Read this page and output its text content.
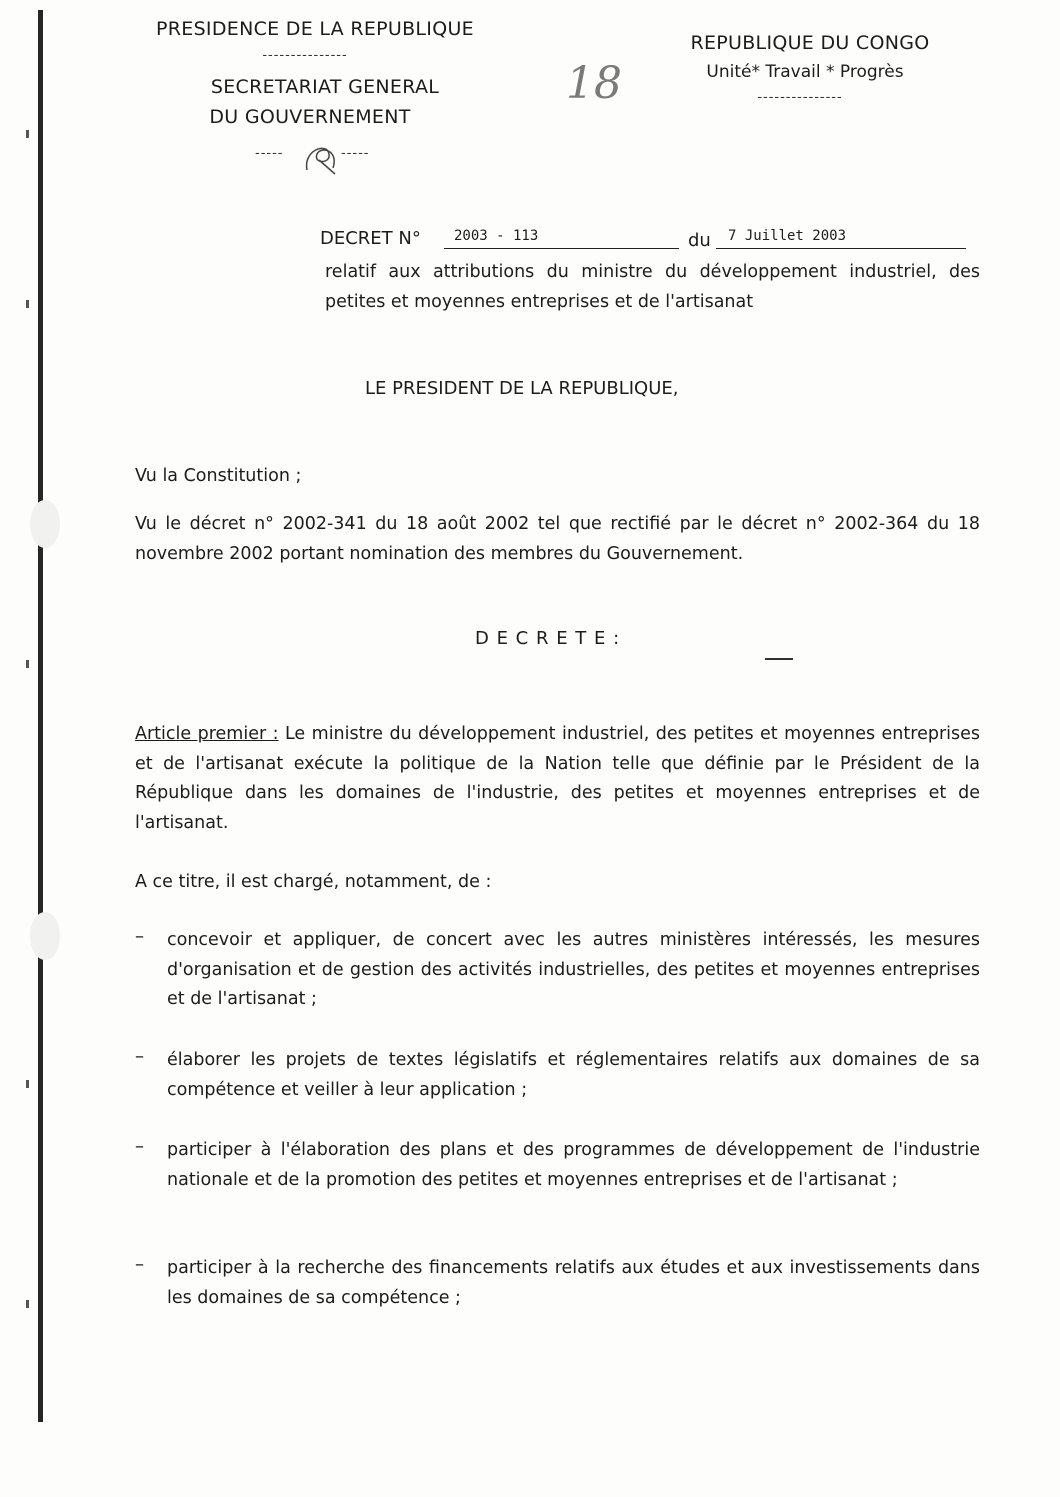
PRESIDENCE DE LA REPUBLIQUE
---------------
SECRETARIAT GENERAL
DU GOUVERNEMENT
-----	-----
REPUBLIQUE DU CONGO
Unité* Travail * Progrès
---------------
18
DECRET N° 2003 - 113	du 7 Juillet 2003
relatif aux attributions du ministre du développement industriel, des petites et moyennes entreprises et de l'artisanat
LE PRESIDENT DE LA REPUBLIQUE,
Vu la Constitution ;
Vu le décret n° 2002-341 du 18 août 2002 tel que rectifié par le décret n° 2002-364 du 18 novembre 2002 portant nomination des membres du Gouvernement.
D E C R E T E :
Article premier : Le ministre du développement industriel, des petites et moyennes entreprises et de l'artisanat exécute la politique de la Nation telle que définie par le Président de la République dans les domaines de l'industrie, des petites et moyennes entreprises et de l'artisanat.
A ce titre, il est chargé, notamment, de :
– concevoir et appliquer, de concert avec les autres ministères intéressés, les mesures d'organisation et de gestion des activités industrielles, des petites et moyennes entreprises et de l'artisanat ;
– élaborer les projets de textes législatifs et réglementaires relatifs aux domaines de sa compétence et veiller à leur application ;
– participer à l'élaboration des plans et des programmes de développement de l'industrie nationale et de la promotion des petites et moyennes entreprises et de l'artisanat ;
– participer à la recherche des financements relatifs aux études et aux investissements dans les domaines de sa compétence ;
